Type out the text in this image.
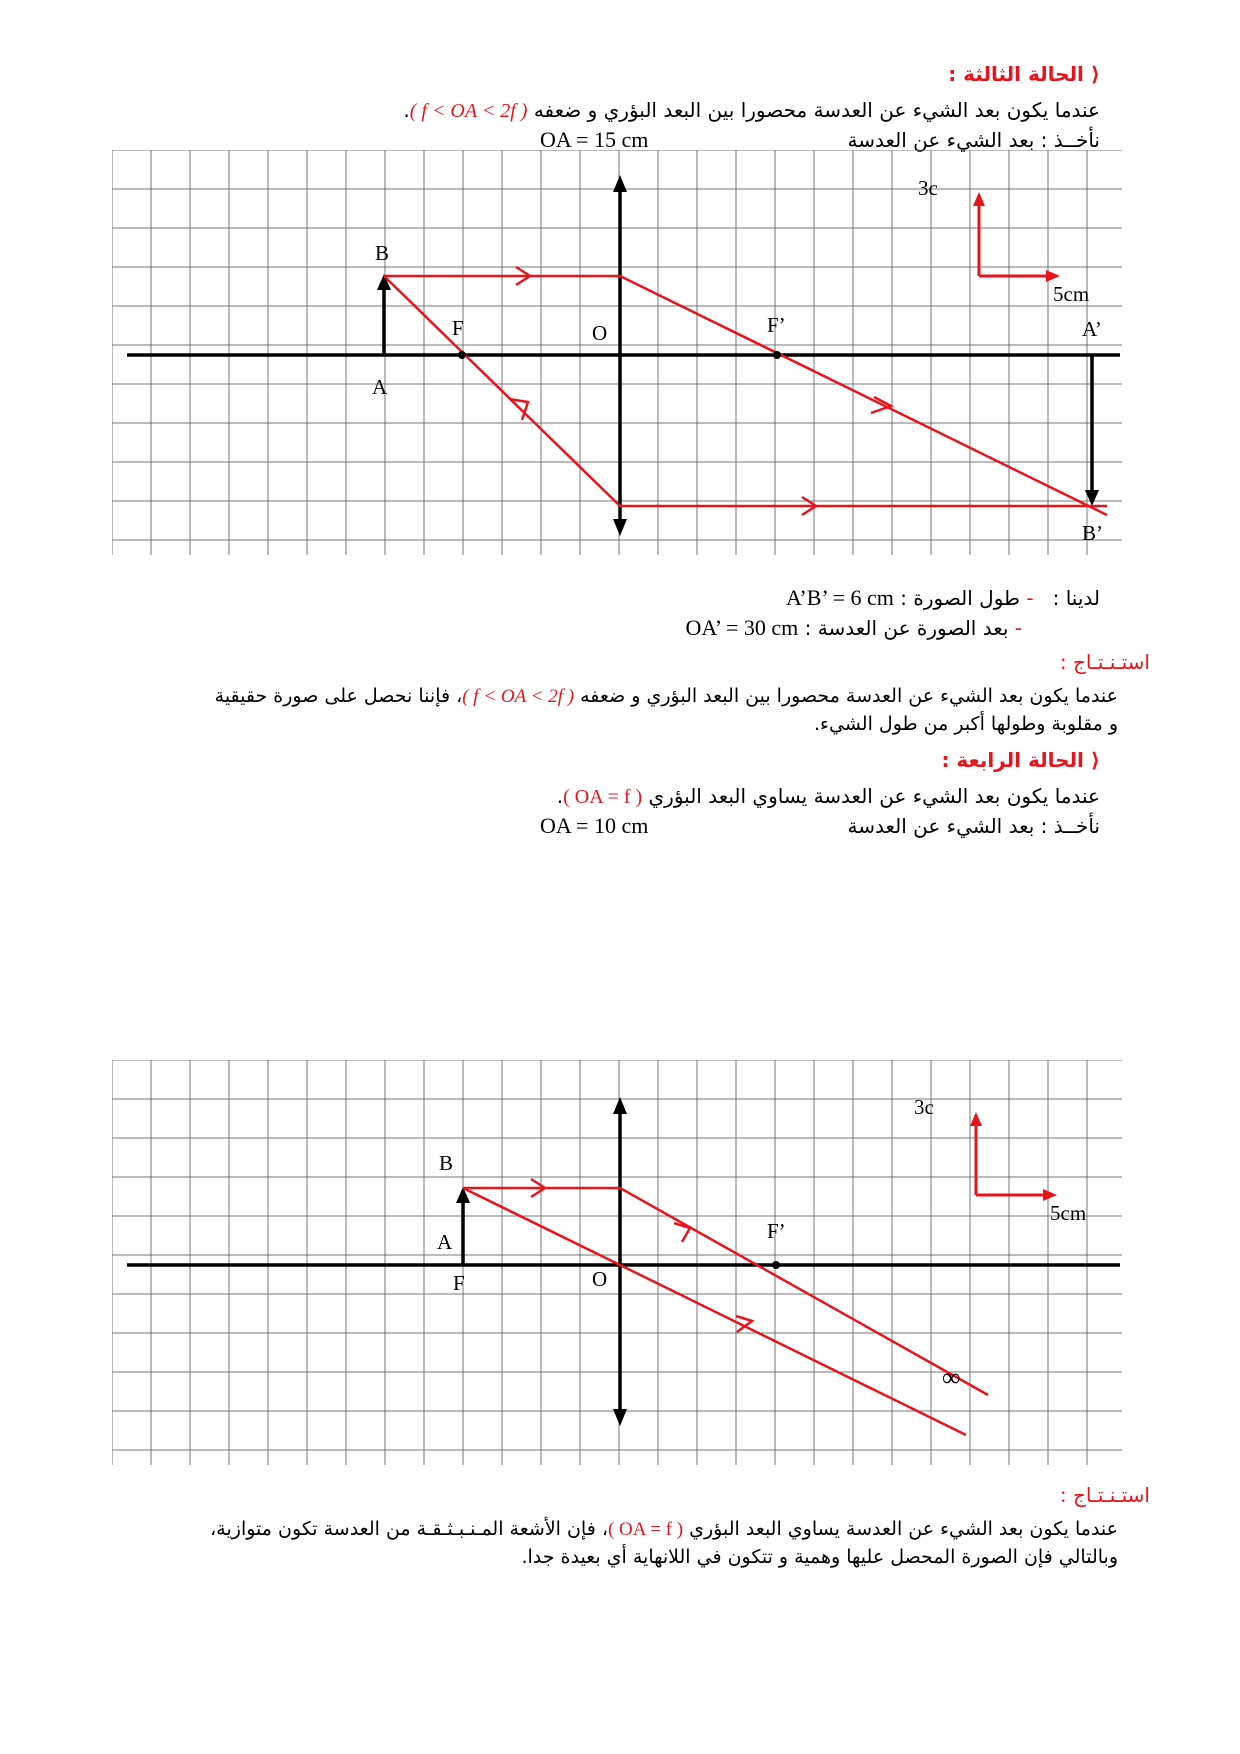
⟨ الحالة الثالثة :
عندما يكون بعد الشيء عن العدسة محصورا بين البعد البؤري و ضعفه ( f < OA < 2f ).
نأخــذ : بعد الشيء عن العدسة
OA = 15 cm
B
A
F	O	F’	A’
B’
3c
5cm
لدينا :   - طول الصورة : A’B’ = 6 cm
- بعد الصورة عن العدسة : OA’ = 30 cm
استـنـتـاج :
عندما يكون بعد الشيء عن العدسة محصورا بين البعد البؤري و ضعفه ( f < OA < 2f )، فإننا نحصل على صورة حقيقية
و مقلوبة وطولها أكبر من طول الشيء.
⟨ الحالة الرابعة :
عندما يكون بعد الشيء عن العدسة يساوي البعد البؤري ( OA = f ).
نأخــذ : بعد الشيء عن العدسة
OA = 10 cm
B
A
F	O
F’
∞
3c
5cm
استـنـتـاج :
عندما يكون بعد الشيء عن العدسة يساوي البعد البؤري ( OA = f )، فإن الأشعة المـنـبـثـقـة من العدسة تكون متوازية،
وبالتالي فإن الصورة المحصل عليها وهمية و تتكون في اللانهاية أي بعيدة جدا.
